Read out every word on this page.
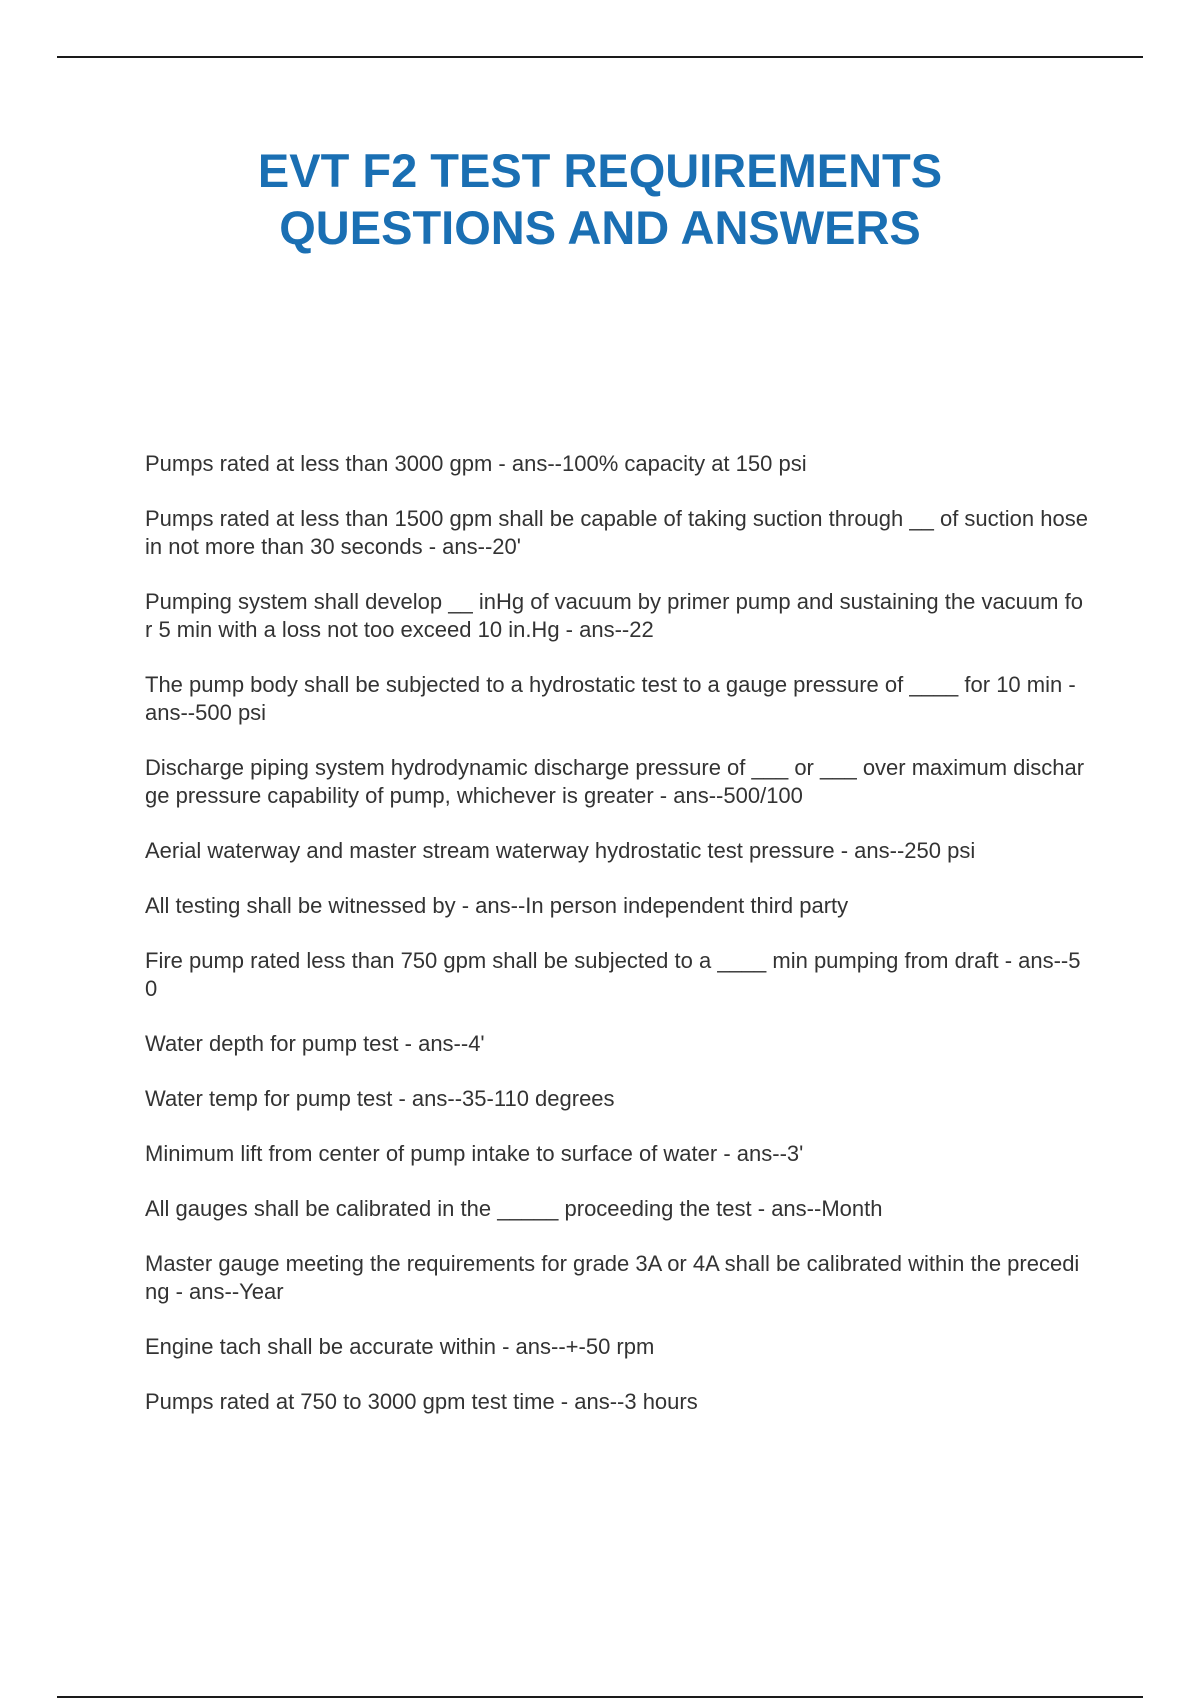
EVT F2 TEST REQUIREMENTS
QUESTIONS AND ANSWERS
Pumps rated at less than 3000 gpm - ans--100% capacity at 150 psi
Pumps rated at less than 1500 gpm shall be capable of taking suction through __ of suction hose in not more than 30 seconds - ans--20'
Pumping system shall develop __ inHg of vacuum by primer pump and sustaining the vacuum for 5 min with a loss not too exceed 10 in.Hg - ans--22
The pump body shall be subjected to a hydrostatic test to a gauge pressure of ____ for 10 min - ans--500 psi
Discharge piping system hydrodynamic discharge pressure of ___ or ___ over maximum discharge pressure capability of pump, whichever is greater - ans--500/100
Aerial waterway and master stream waterway hydrostatic test pressure - ans--250 psi
All testing shall be witnessed by - ans--In person independent third party
Fire pump rated less than 750 gpm shall be subjected to a ____ min pumping from draft - ans--50
Water depth for pump test - ans--4'
Water temp for pump test - ans--35-110 degrees
Minimum lift from center of pump intake to surface of water - ans--3'
All gauges shall be calibrated in the _____ proceeding the test - ans--Month
Master gauge meeting the requirements for grade 3A or 4A shall be calibrated within the preceding - ans--Year
Engine tach shall be accurate within - ans--+-50 rpm
Pumps rated at 750 to 3000 gpm test time - ans--3 hours
